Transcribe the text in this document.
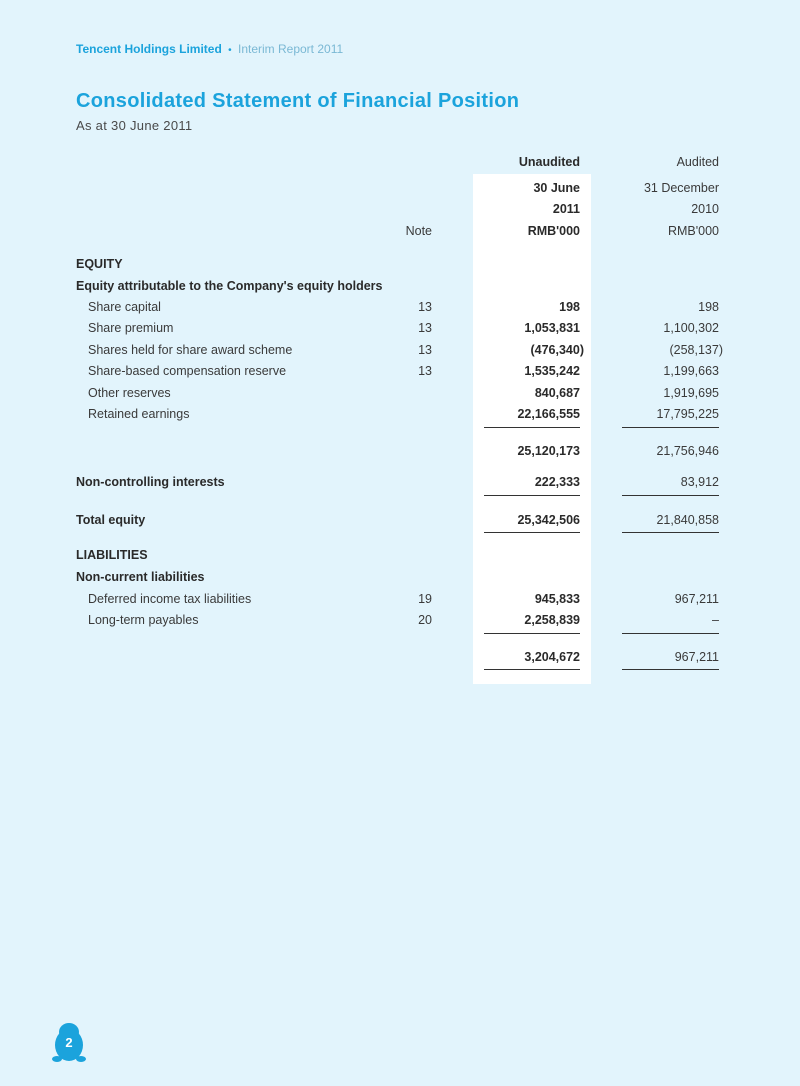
Tencent Holdings Limited • Interim Report 2011
Consolidated Statement of Financial Position
As at 30 June 2011
Unaudited	Audited
30 June	31 December
2011	2010
Note	RMB'000	RMB'000
EQUITY
Equity attributable to the Company's equity holders
Share capital	13	198	198
Share premium	13	1,053,831	1,100,302
Shares held for share award scheme	13	(476,340)	(258,137)
Share-based compensation reserve	13	1,535,242	1,199,663
Other reserves	840,687	1,919,695
Retained earnings	22,166,555	17,795,225
25,120,173	21,756,946
Non-controlling interests	222,333	83,912
Total equity	25,342,506	21,840,858
LIABILITIES
Non-current liabilities
Deferred income tax liabilities	19	945,833	967,211
Long-term payables	20	2,258,839	–
3,204,672	967,211
2
